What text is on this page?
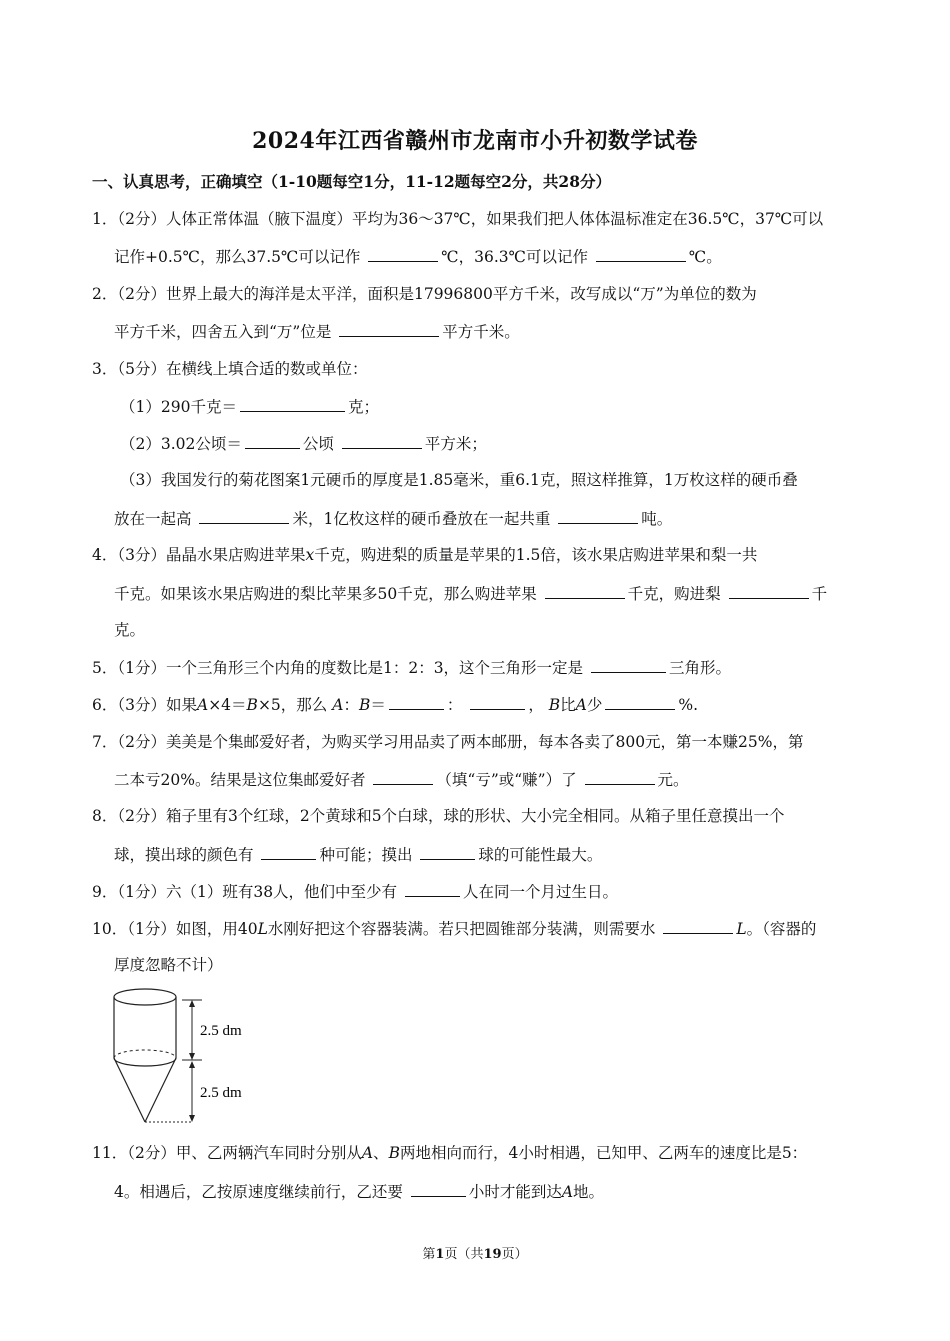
2024年江西省赣州市龙南市小升初数学试卷
一、认真思考，正确填空（1-10题每空1分，11-12题每空2分，共28分）
1．（2分）人体正常体温（腋下温度）平均为36～37℃，如果我们把人体体温标准定在36.5℃，37℃可以
记作+0.5℃，那么37.5℃可以记作	℃，36.3℃可以记作	℃。
2．（2分）世界上最大的海洋是太平洋，面积是17996800平方千米，改写成以“万”为单位的数为
平方千米，四舍五入到“万”位是	平方千米。
3．（5分）在横线上填合适的数或单位：
（1）290千克＝	克；
（2）3.02公顷＝	公顷	平方米；
（3）我国发行的菊花图案1元硬币的厚度是1.85毫米，重6.1克，照这样推算，1万枚这样的硬币叠
放在一起高	米，1亿枚这样的硬币叠放在一起共重	吨。
4．（3分）晶晶水果店购进苹果x千克，购进梨的质量是苹果的1.5倍，该水果店购进苹果和梨一共
千克。如果该水果店购进的梨比苹果多50千克，那么购进苹果	千克，购进梨	千
克。
5．（1分）一个三角形三个内角的度数比是1：2：3，这个三角形一定是	三角形。
6．（3分）如果A×4＝B×5，那么 A：B＝	：	， B比A少	%.
7．（2分）美美是个集邮爱好者，为购买学习用品卖了两本邮册，每本各卖了800元，第一本赚25%，第
二本亏20%。结果是这位集邮爱好者	（填“亏”或“赚”）了	元。
8．（2分）箱子里有3个红球，2个黄球和5个白球，球的形状、大小完全相同。从箱子里任意摸出一个
球，摸出球的颜色有	种可能；摸出	球的可能性最大。
9．（1分）六（1）班有38人，他们中至少有	人在同一个月过生日。
10．（1分）如图，用40L水刚好把这个容器装满。若只把圆锥部分装满，则需要水	L。（容器的
厚度忽略不计）
2.5 dm
2.5 dm
11．（2分）甲、乙两辆汽车同时分别从A、B两地相向而行，4小时相遇，已知甲、乙两车的速度比是5：
4。相遇后，乙按原速度继续前行，乙还要	小时才能到达A地。
第1页（共19页）
